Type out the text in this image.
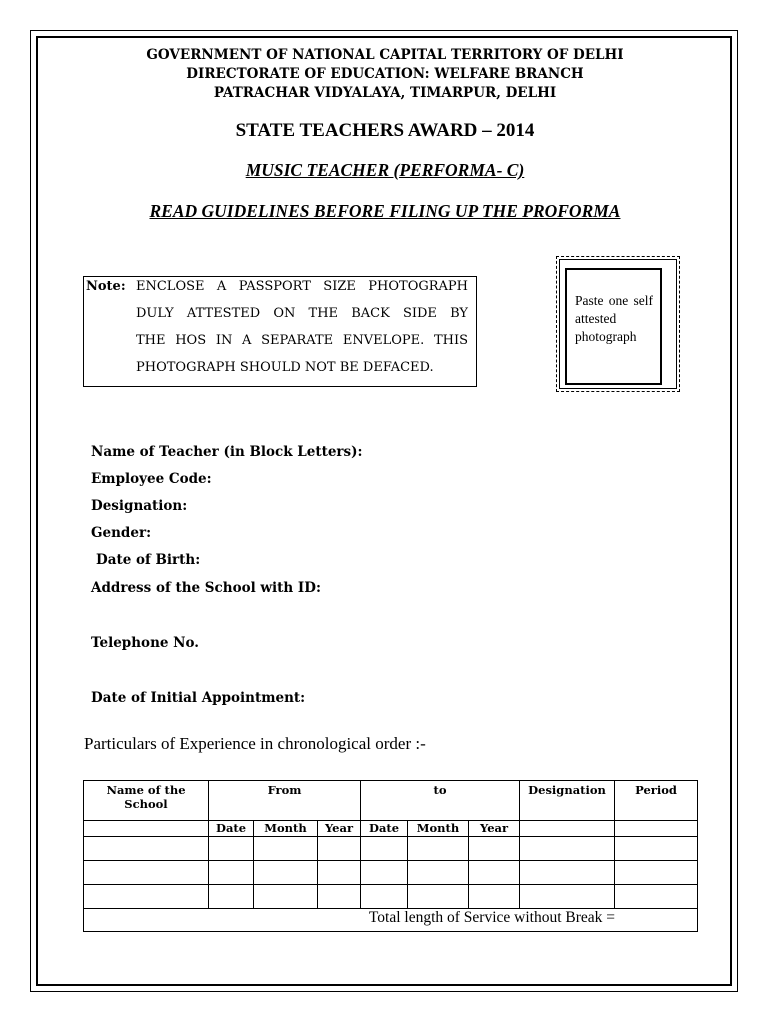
GOVERNMENT OF NATIONAL CAPITAL TERRITORY OF DELHI
DIRECTORATE OF EDUCATION: WELFARE BRANCH
PATRACHAR VIDYALAYA, TIMARPUR, DELHI
STATE TEACHERS AWARD – 2014
MUSIC TEACHER (PERFORMA- C)
READ GUIDELINES BEFORE FILING UP THE PROFORMA
Note: ENCLOSE A PASSPORT SIZE PHOTOGRAPH
DULY ATTESTED ON THE BACK SIDE BY
THE HOS IN A SEPARATE ENVELOPE. THIS
PHOTOGRAPH SHOULD NOT BE DEFACED.
Paste one self attested photograph
Name of Teacher (in Block Letters):
Employee Code:
Designation:
Gender:
Date of Birth:
Address of the School with ID:
Telephone No.
Date of Initial Appointment:
Particulars of Experience in chronological order :-
Name of the School	From			to			Designation	Period
	Date	Month	Year	Date	Month	Year		

Total length of Service without Break =								
